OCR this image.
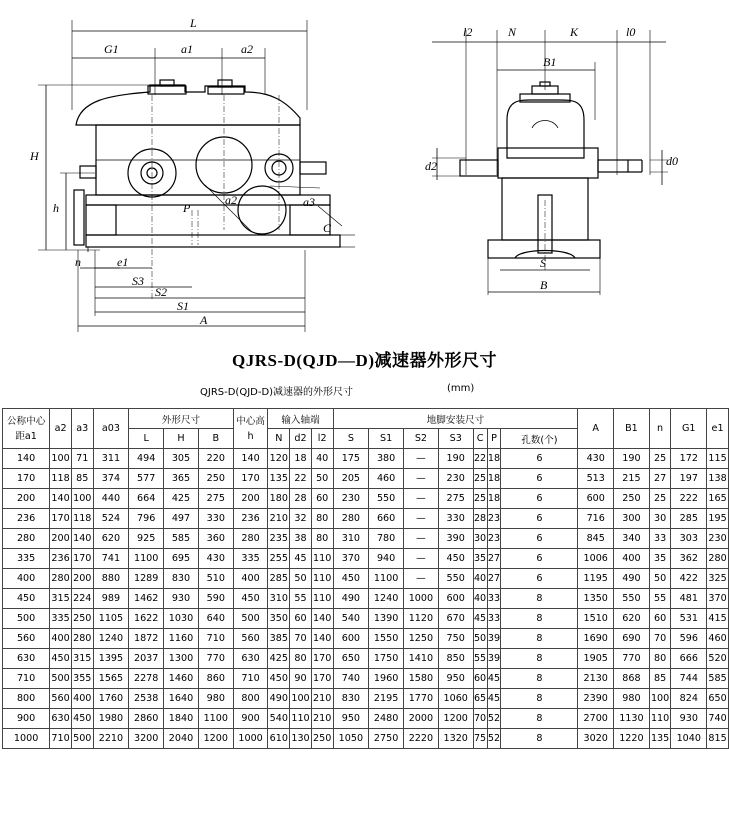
L
G1	a1	a2
H
h
a2	a3
P
C
n	e1
S3
S2
S1
A
l2	N	K	l0
B1
d2	d0
S
B
QJRS-D(QJD—D)减速器外形尺寸
QJRS-D(QJD-D)减速器的外形尺寸	(mm)
公称中心距a1	a2	a3	a03	外形尺寸			中心高h	输入轴端			地脚安装尺寸							A	B1	n	G1	e1
				L	H	B		N	d2	l2	S	S1	S2	S3	C	P	孔数(个)					
140	100	71	311	494	305	220	140	120	18	40	175	380	—	190	22	18	6	430	190	25	172	115
170	118	85	374	577	365	250	170	135	22	50	205	460	—	230	25	18	6	513	215	27	197	138
200	140	100	440	664	425	275	200	180	28	60	230	550	—	275	25	18	6	600	250	25	222	165
236	170	118	524	796	497	330	236	210	32	80	280	660	—	330	28	23	6	716	300	30	285	195
280	200	140	620	925	585	360	280	235	38	80	310	780	—	390	30	23	6	845	340	33	303	230
335	236	170	741	1100	695	430	335	255	45	110	370	940	—	450	35	27	6	1006	400	35	362	280
400	280	200	880	1289	830	510	400	285	50	110	450	1100	—	550	40	27	6	1195	490	50	422	325
450	315	224	989	1462	930	590	450	310	55	110	490	1240	1000	600	40	33	8	1350	550	55	481	370
500	335	250	1105	1622	1030	640	500	350	60	140	540	1390	1120	670	45	33	8	1510	620	60	531	415
560	400	280	1240	1872	1160	710	560	385	70	140	600	1550	1250	750	50	39	8	1690	690	70	596	460
630	450	315	1395	2037	1300	770	630	425	80	170	650	1750	1410	850	55	39	8	1905	770	80	666	520
710	500	355	1565	2278	1460	860	710	450	90	170	740	1960	1580	950	60	45	8	2130	868	85	744	585
800	560	400	1760	2538	1640	980	800	490	100	210	830	2195	1770	1060	65	45	8	2390	980	100	824	650
900	630	450	1980	2860	1840	1100	900	540	110	210	950	2480	2000	1200	70	52	8	2700	1130	110	930	740
1000	710	500	2210	3200	2040	1200	1000	610	130	250	1050	2750	2220	1320	75	52	8	3020	1220	135	1040	815
